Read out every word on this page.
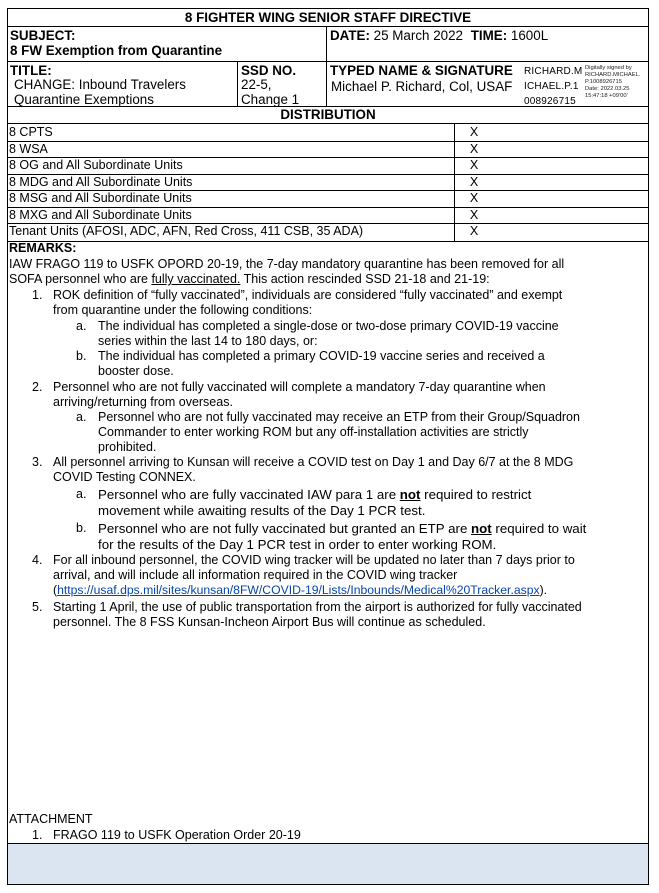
8 FIGHTER WING SENIOR STAFF DIRECTIVE
SUBJECT:
8 FW Exemption from Quarantine
DATE: 25 March 2022 TIME: 1600L
TITLE:
CHANGE: Inbound Travelers
Quarantine Exemptions
SSD NO.
22-5,
Change 1
TYPED NAME & SIGNATURE
Michael P. Richard, Col, USAF
RICHARD.M
ICHAEL.P.1
008926715
Digitally signed by
RICHARD.MICHAEL.
P.1008926715
Date: 2022.03.25
15:47:18 +09'00'
DISTRIBUTION
8 CPTS	X
8 WSA	X
8 OG and All Subordinate Units	X
8 MDG and All Subordinate Units	X
8 MSG and All Subordinate Units	X
8 MXG and All Subordinate Units	X
Tenant Units (AFOSI, ADC, AFN, Red Cross, 411 CSB, 35 ADA)	X
REMARKS:
IAW FRAGO 119 to USFK OPORD 20-19, the 7-day mandatory quarantine has been removed for all
SOFA personnel who are fully vaccinated. This action rescinded SSD 21-18 and 21-19:
1. ROK definition of “fully vaccinated”, individuals are considered “fully vaccinated” and exempt
from quarantine under the following conditions:
a. The individual has completed a single-dose or two-dose primary COVID-19 vaccine
series within the last 14 to 180 days, or:
b. The individual has completed a primary COVID-19 vaccine series and received a
booster dose.
2. Personnel who are not fully vaccinated will complete a mandatory 7-day quarantine when
arriving/returning from overseas.
a. Personnel who are not fully vaccinated may receive an ETP from their Group/Squadron
Commander to enter working ROM but any off-installation activities are strictly
prohibited.
3. All personnel arriving to Kunsan will receive a COVID test on Day 1 and Day 6/7 at the 8 MDG
COVID Testing CONNEX.
a. Personnel who are fully vaccinated IAW para 1 are not required to restrict
movement while awaiting results of the Day 1 PCR test.
b. Personnel who are not fully vaccinated but granted an ETP are not required to wait
for the results of the Day 1 PCR test in order to enter working ROM.
4. For all inbound personnel, the COVID wing tracker will be updated no later than 7 days prior to
arrival, and will include all information required in the COVID wing tracker
(https://usaf.dps.mil/sites/kunsan/8FW/COVID-19/Lists/Inbounds/Medical%20Tracker.aspx).
5. Starting 1 April, the use of public transportation from the airport is authorized for fully vaccinated
personnel. The 8 FSS Kunsan-Incheon Airport Bus will continue as scheduled.
ATTACHMENT
1. FRAGO 119 to USFK Operation Order 20-19
